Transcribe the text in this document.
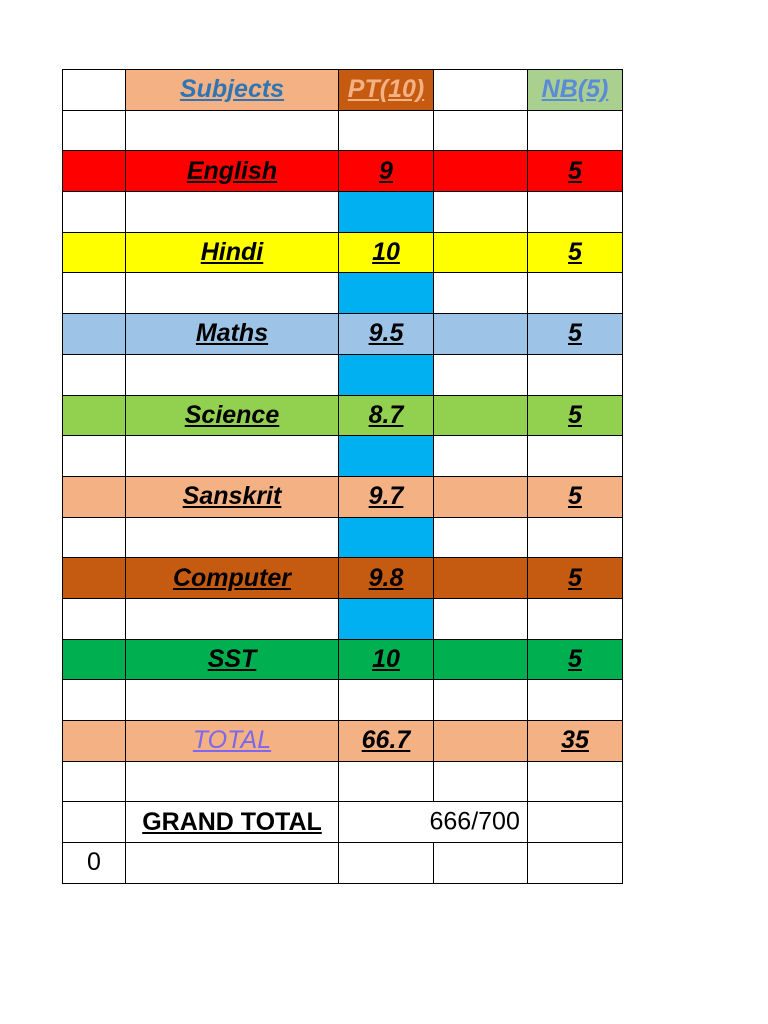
	Subjects	PT(10)		NB(5)

	English	9		5

	Hindi	10		5

	Maths	9.5		5

	Science	8.7		5

	Sanskrit	9.7		5

	Computer	9.8		5

	SST	10		5

	TOTAL	66.7		35

	GRAND TOTAL		666/700	

0				
